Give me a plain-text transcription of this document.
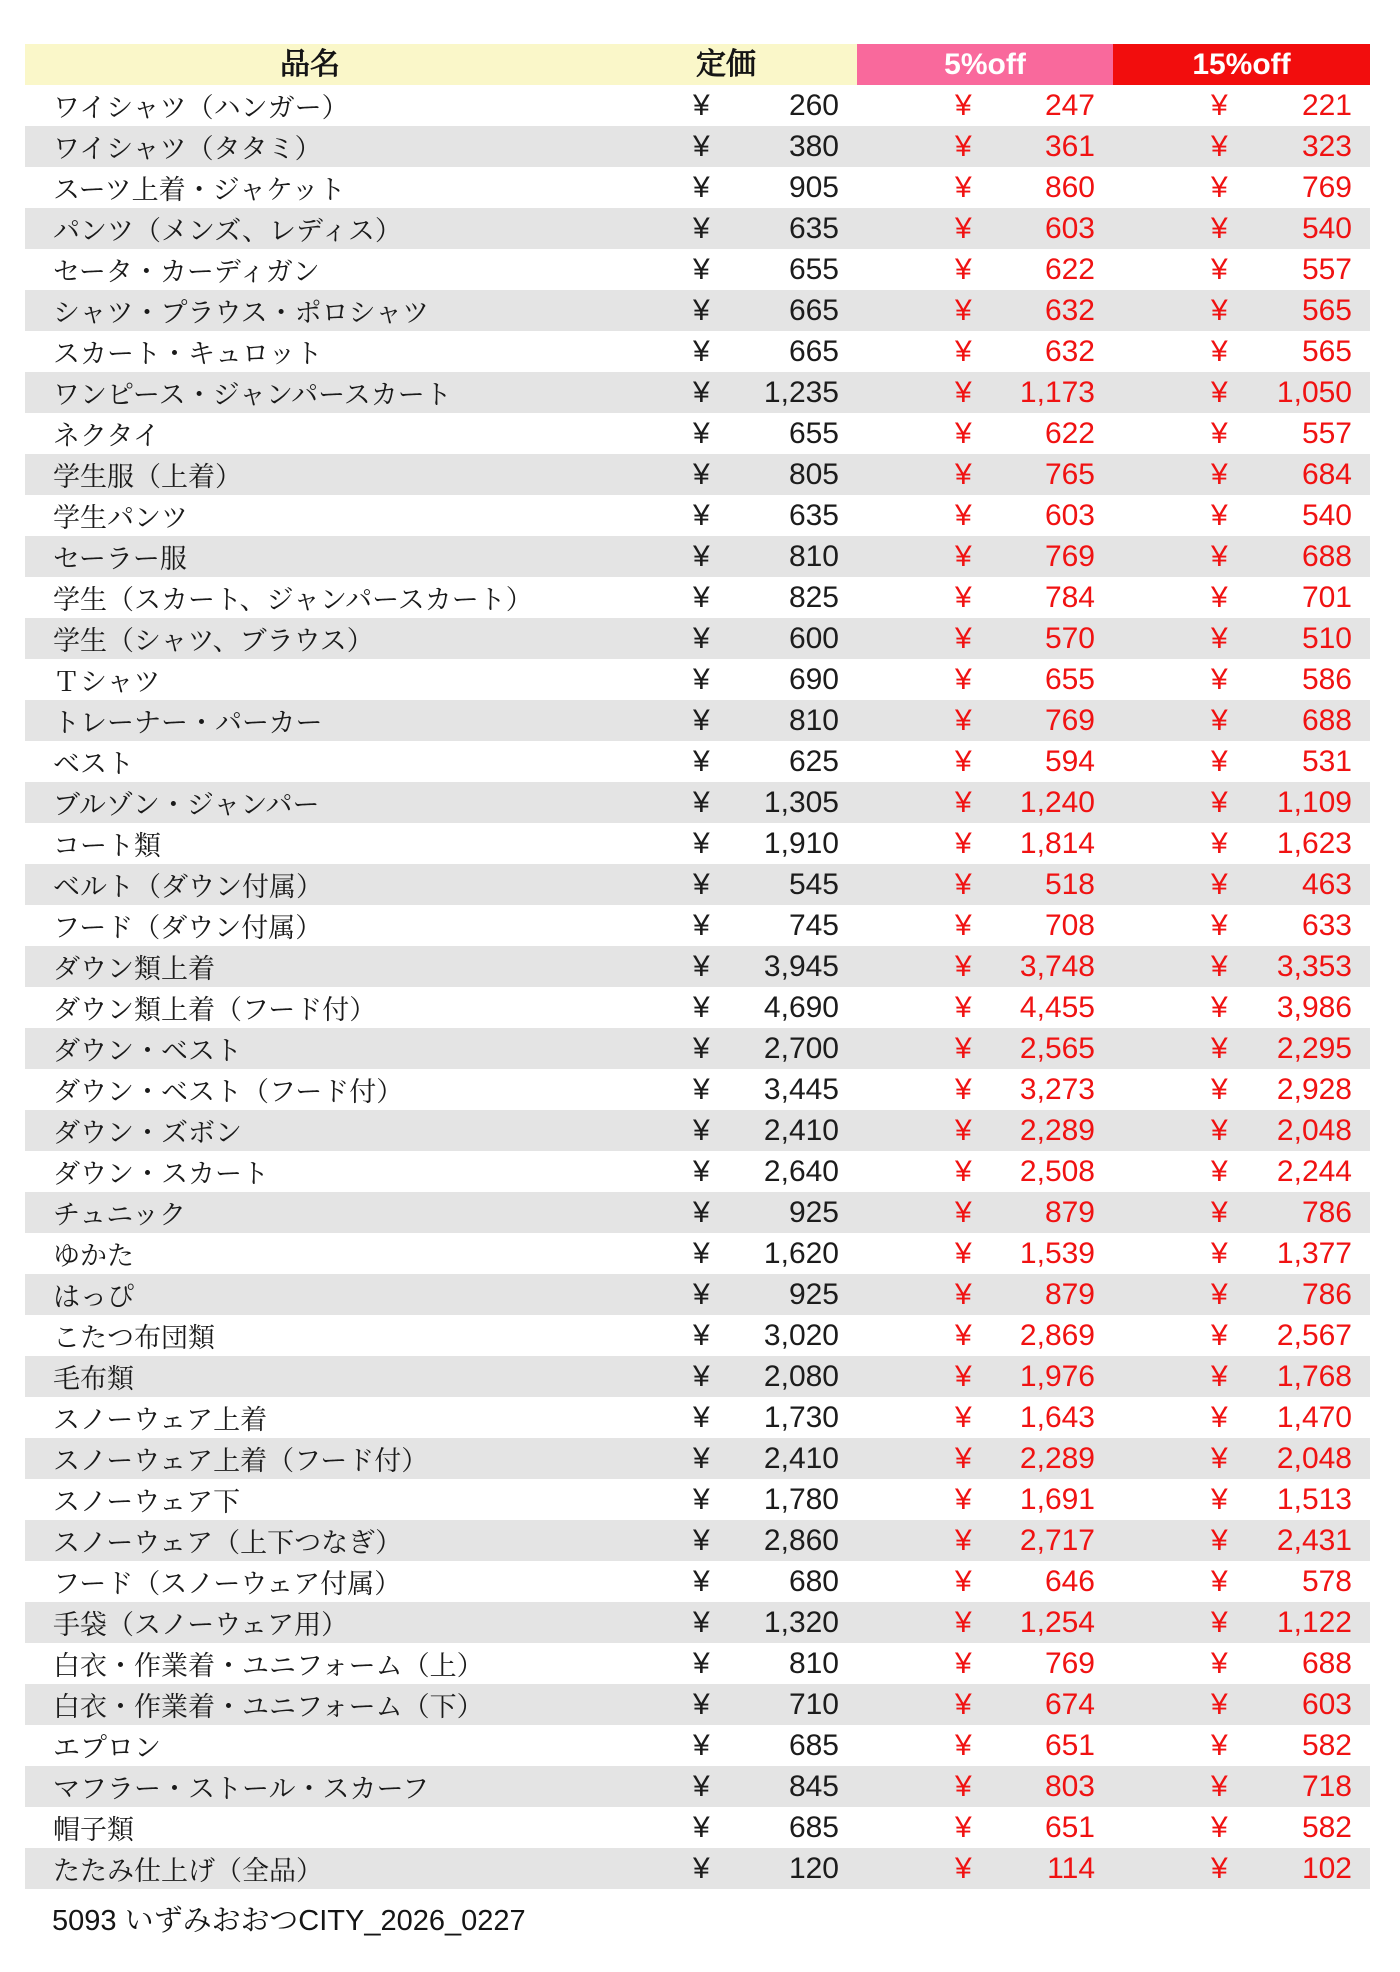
品名	定価	5%off	15%off
ワイシャツ（ハンガー）	¥ 260	¥ 247	¥ 221
ワイシャツ（タタミ）	¥ 380	¥ 361	¥ 323
スーツ上着・ジャケット	¥ 905	¥ 860	¥ 769
パンツ（メンズ、レディス）	¥ 635	¥ 603	¥ 540
セータ・カーディガン	¥ 655	¥ 622	¥ 557
シャツ・プラウス・ポロシャツ	¥ 665	¥ 632	¥ 565
スカート・キュロット	¥ 665	¥ 632	¥ 565
ワンピース・ジャンパースカート	¥ 1,235	¥ 1,173	¥ 1,050
ネクタイ	¥ 655	¥ 622	¥ 557
学生服（上着）	¥ 805	¥ 765	¥ 684
学生パンツ	¥ 635	¥ 603	¥ 540
セーラー服	¥ 810	¥ 769	¥ 688
学生（スカート、ジャンパースカート）	¥ 825	¥ 784	¥ 701
学生（シャツ、ブラウス）	¥ 600	¥ 570	¥ 510
Ｔシャツ	¥ 690	¥ 655	¥ 586
トレーナー・パーカー	¥ 810	¥ 769	¥ 688
ベスト	¥ 625	¥ 594	¥ 531
ブルゾン・ジャンパー	¥ 1,305	¥ 1,240	¥ 1,109
コート類	¥ 1,910	¥ 1,814	¥ 1,623
ベルト（ダウン付属）	¥ 545	¥ 518	¥ 463
フード（ダウン付属）	¥ 745	¥ 708	¥ 633
ダウン類上着	¥ 3,945	¥ 3,748	¥ 3,353
ダウン類上着（フード付）	¥ 4,690	¥ 4,455	¥ 3,986
ダウン・ベスト	¥ 2,700	¥ 2,565	¥ 2,295
ダウン・ベスト（フード付）	¥ 3,445	¥ 3,273	¥ 2,928
ダウン・ズボン	¥ 2,410	¥ 2,289	¥ 2,048
ダウン・スカート	¥ 2,640	¥ 2,508	¥ 2,244
チュニック	¥ 925	¥ 879	¥ 786
ゆかた	¥ 1,620	¥ 1,539	¥ 1,377
はっぴ	¥ 925	¥ 879	¥ 786
こたつ布団類	¥ 3,020	¥ 2,869	¥ 2,567
毛布類	¥ 2,080	¥ 1,976	¥ 1,768
スノーウェア上着	¥ 1,730	¥ 1,643	¥ 1,470
スノーウェア上着（フード付）	¥ 2,410	¥ 2,289	¥ 2,048
スノーウェア下	¥ 1,780	¥ 1,691	¥ 1,513
スノーウェア（上下つなぎ）	¥ 2,860	¥ 2,717	¥ 2,431
フード（スノーウェア付属）	¥ 680	¥ 646	¥ 578
手袋（スノーウェア用）	¥ 1,320	¥ 1,254	¥ 1,122
白衣・作業着・ユニフォーム（上）	¥ 810	¥ 769	¥ 688
白衣・作業着・ユニフォーム（下）	¥ 710	¥ 674	¥ 603
エプロン	¥ 685	¥ 651	¥ 582
マフラー・ストール・スカーフ	¥ 845	¥ 803	¥ 718
帽子類	¥ 685	¥ 651	¥ 582
たたみ仕上げ（全品）	¥ 120	¥ 114	¥ 102
5093 いずみおおつCITY_2026_0227
